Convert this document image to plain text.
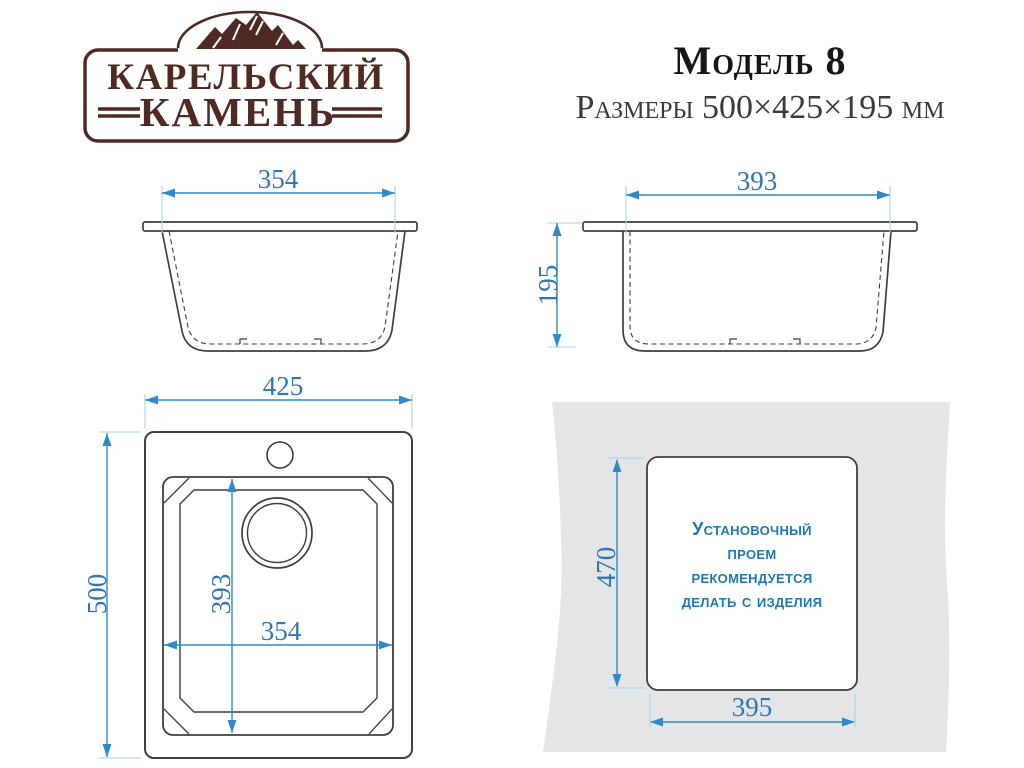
КАРЕЛЬСКИЙ
КАМЕНЬ
354	393
195
425
500	393
354
470
395
Модель 8
Размеры 500×425×195 мм
Установочный
проем
рекомендуется
делать с изделия
